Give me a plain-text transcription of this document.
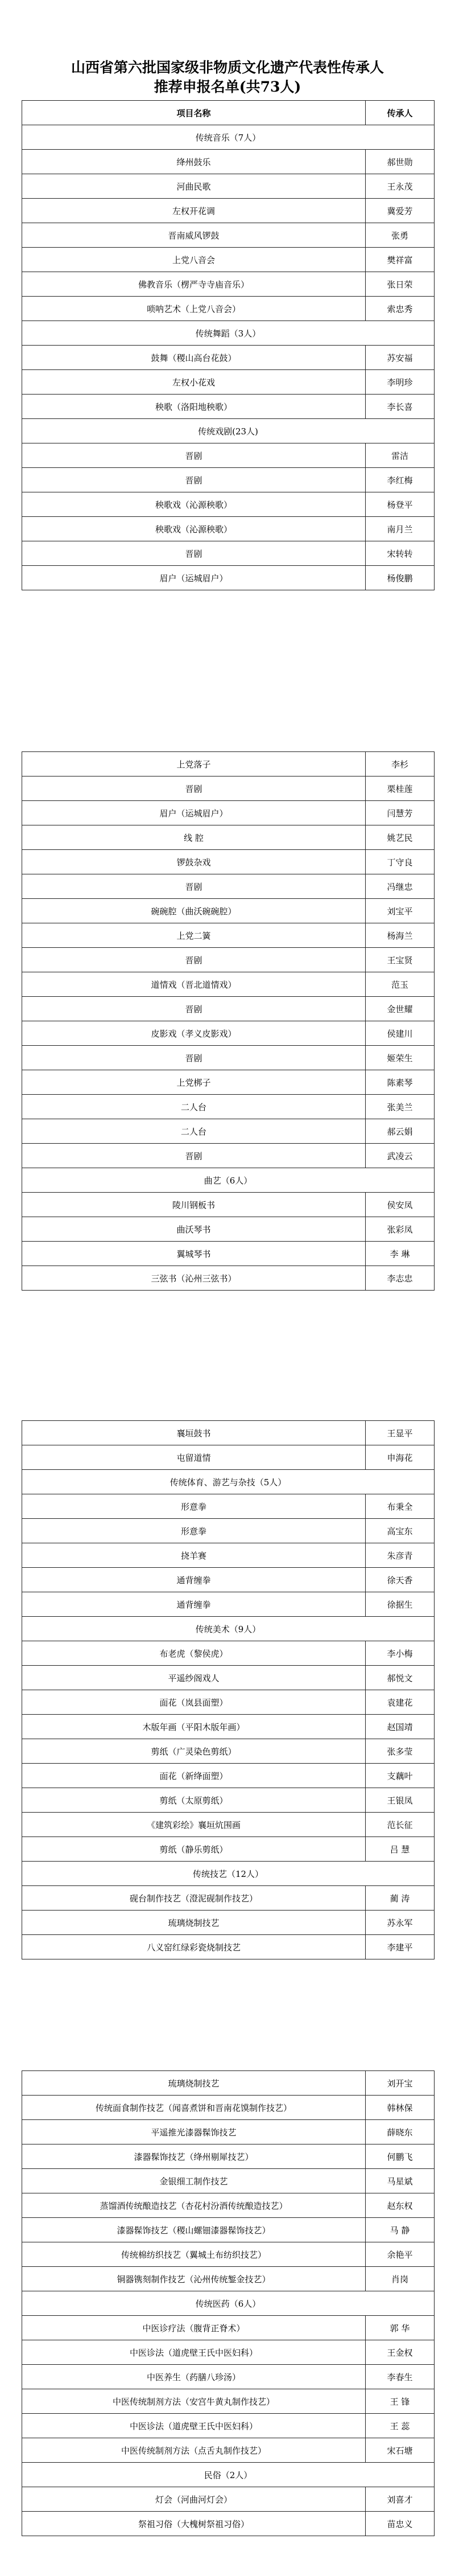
山西省第六批国家级非物质文化遗产代表性传承人
推荐申报名单(共73人)
项目名称	传承人
传统音乐（7人）	
绛州鼓乐	郝世勋
河曲民歌	王永茂
左权开花调	冀爱芳
晋南威风锣鼓	张勇
上党八音会	樊祥富
佛教音乐（楞严寺寺庙音乐）	张日荣
唢呐艺术（上党八音会）	索忠秀
传统舞蹈（3人）	
鼓舞（稷山高台花鼓）	苏安福
左权小花戏	李明珍
秧歌（洛阳地秧歌）	李长喜
传统戏剧(23人)	
晋剧	雷洁
晋剧	李红梅
秧歌戏（沁源秧歌）	杨登平
秧歌戏（沁源秧歌）	南月兰
晋剧	宋转转
眉户（运城眉户）	杨俊鹏
上党落子	李杉
晋剧	栗桂莲
眉户（运城眉户）	闫慧芳
线 腔	姚艺民
锣鼓杂戏	丁守良
晋剧	冯继忠
碗碗腔（曲沃碗碗腔）	刘宝平
上党二簧	杨海兰
晋剧	王宝贤
道情戏（晋北道情戏）	范玉
晋剧	金世耀
皮影戏（孝义皮影戏）	侯建川
晋剧	姬荣生
上党梆子	陈素琴
二人台	张美兰
二人台	郝云娟
晋剧	武凌云
曲艺（6人）	
陵川钢板书	侯安凤
曲沃琴书	张彩凤
翼城琴书	李 琳
三弦书（沁州三弦书）	李志忠
襄垣鼓书	王显平
屯留道情	申海花
传统体育、游艺与杂技（5人）	
形意拳	布秉全
形意拳	高宝东
挠羊赛	朱彦青
通背缠拳	徐天香
通背缠拳	徐据生
传统美术（9人）	
布老虎（黎侯虎）	李小梅
平遥纱阁戏人	郝悦文
面花（岚县面塑）	袁建花
木版年画（平阳木版年画）	赵国靖
剪纸（广灵染色剪纸）	张多莹
面花（新绛面塑）	支藕叶
剪纸（太原剪纸）	王银凤
《建筑彩绘》襄垣炕围画	范长征
剪纸（静乐剪纸）	吕 慧
传统技艺（12人）	
砚台制作技艺（澄泥砚制作技艺）	蔺 涛
琉璃烧制技艺	苏永军
八义窑红绿彩瓷烧制技艺	李建平
琉璃烧制技艺	刘开宝
传统面食制作技艺（闻喜煮饼和晋南花馍制作技艺）	韩林保
平遥推光漆器髹饰技艺	薛晓东
漆器髹饰技艺（绛州剔犀技艺）	何鹏飞
金银细工制作技艺	马星斌
蒸馏酒传统酿造技艺（杏花村汾酒传统酿造技艺）	赵东权
漆器髹饰技艺（稷山螺钿漆器髹饰技艺）	马 静
传统棉纺织技艺（翼城土布纺织技艺）	余艳平
铜器镌刻制作技艺（沁州传统錾金技艺）	肖岗
传统医药（6人）	
中医诊疗法（腹背正脊术）	郭 华
中医诊法（道虎壁王氏中医妇科）	王金权
中医养生（药膳八珍汤）	李春生
中医传统制剂方法（安宫牛黄丸制作技艺）	王 锋
中医诊法（道虎壁王氏中医妇科）	王 蕊
中医传统制剂方法（点舌丸制作技艺）	宋石塘
民俗（2人）	
灯会（河曲河灯会）	刘喜才
祭祖习俗（大槐树祭祖习俗）	苗忠义
